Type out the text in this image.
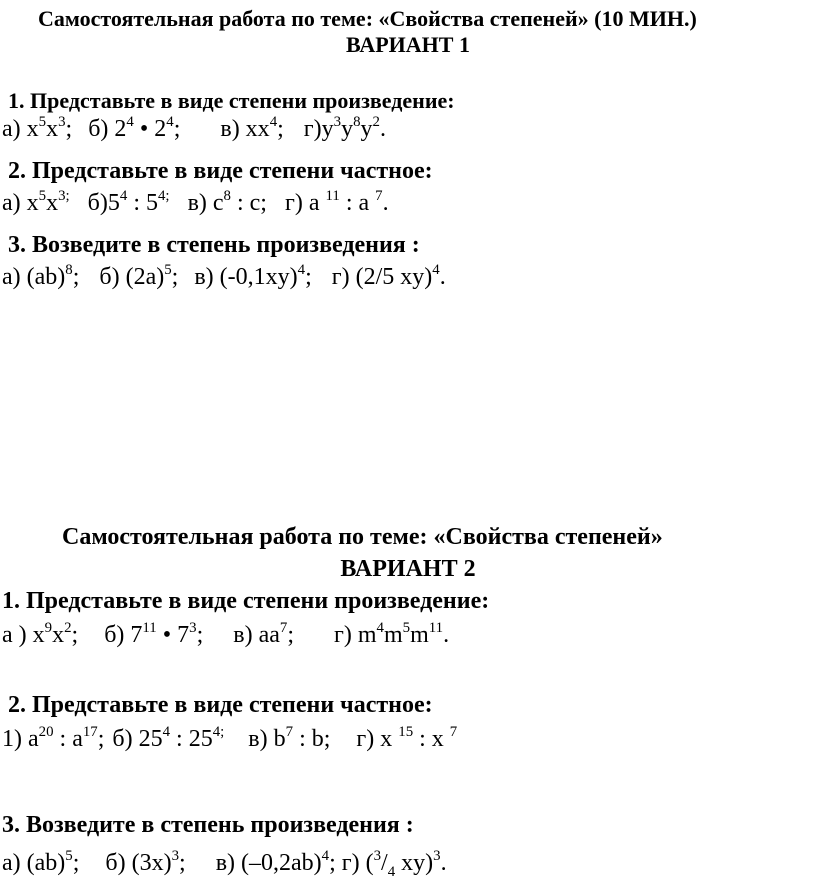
Самостоятельная работа по теме: «Свойства степеней» (10 МИН.)
ВАРИАНТ 1
1. Представьте в виде степени произведение:
а) $x^5x^3$; б) $2^4$ • $2^4$; в) $xx^4$; $г)y^3y^8y^2$.
2. Представьте в виде степени частное:
а) $x^5x^{3;}$ $б)5^4$ : $5^{4;}$ в) $c^8$ : c; г) a $^{11}$ : a $^7$.
3. Возведите в степень произведения :
а) (ab)$^8$; б) $(2a)^5$; в) $(-0,1xy)^4$; г) (2/5 xy)$^4$.
Самостоятельная работа по теме: «Свойства степеней»
ВАРИАНТ 2
1. Представьте в виде степени произведение:
а ) $x^9x^2$; б) $7^{11}$ • $7^3$; в) $aa^7$; г) $m^4m^5m^{11}$.
2. Представьте в виде степени частное:
1) $a^{20}$ : $a^{17}$; б) $25^4$ : $25^{4;}$ в) $b^7$ : b; г) x $^{15}$ : x $^7$
3. Возведите в степень произведения :
а) (ab)$^5$; б) $(3x)^3$; в) $(-0,2ab)^4$; г) ($^3/_4$ xy)$^3$.
